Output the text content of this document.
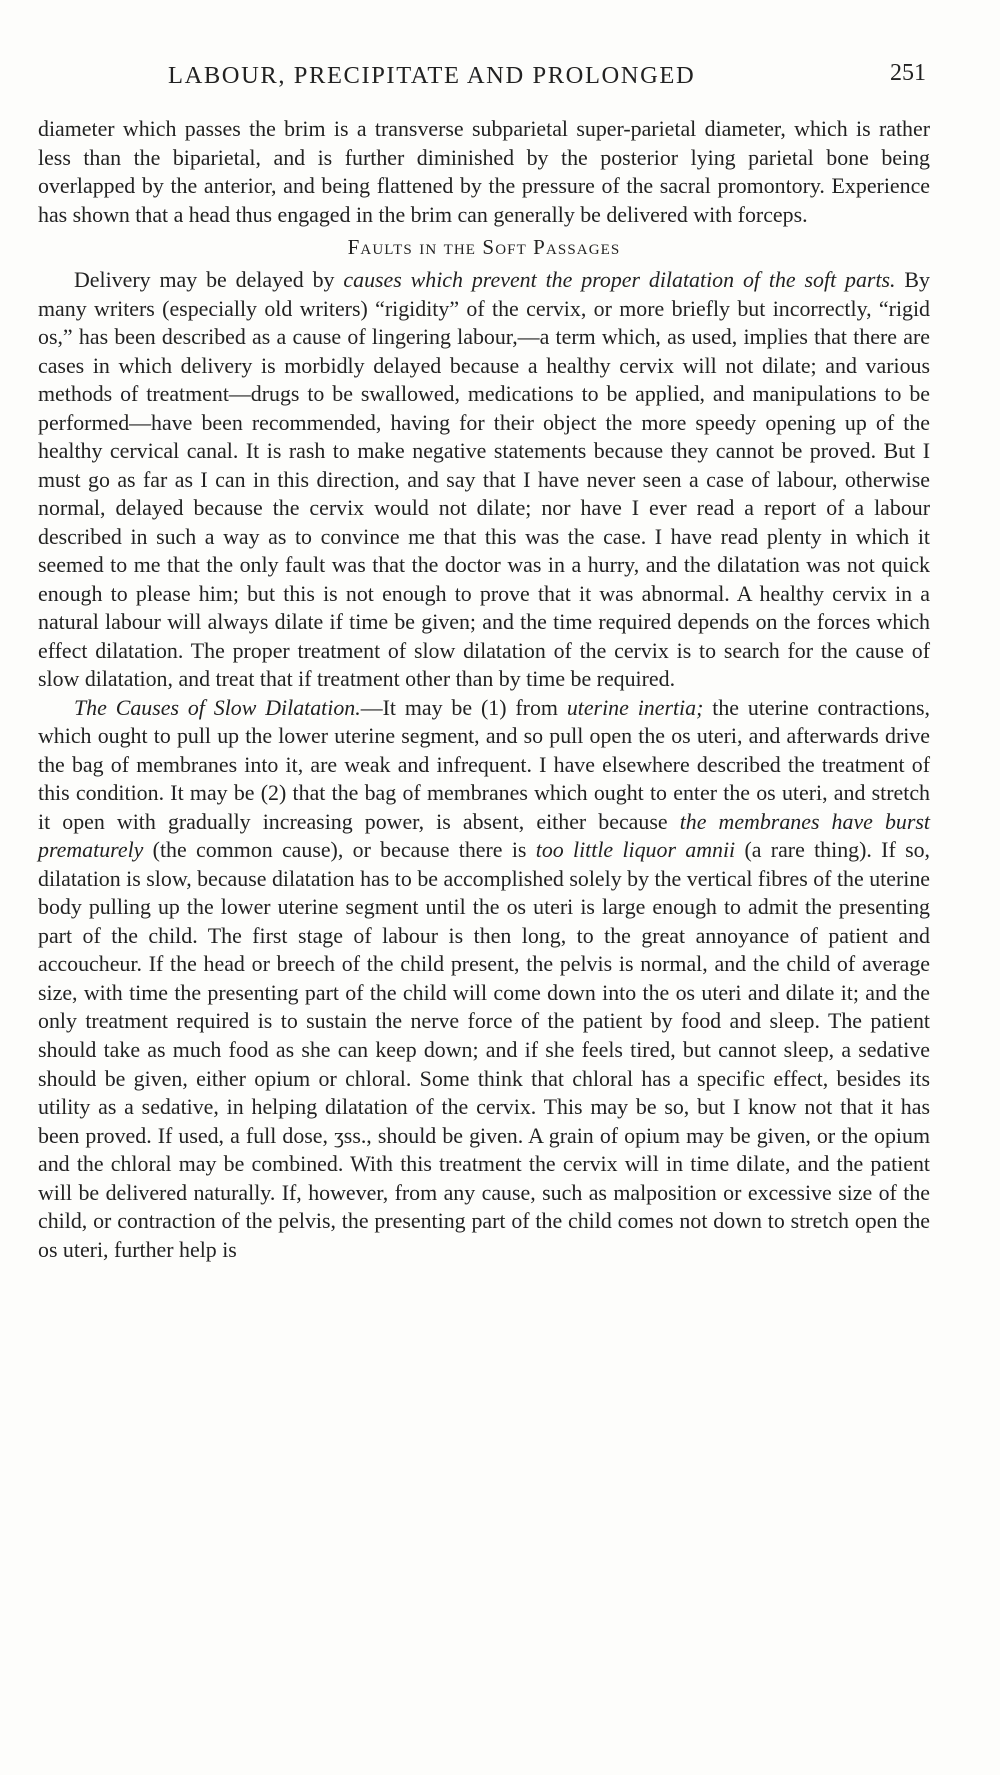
LABOUR, PRECIPITATE AND PROLONGED	251

diameter which passes the brim is a transverse subparietal super-parietal diameter, which is rather less than the biparietal, and is further diminished by the posterior lying parietal bone being overlapped by the anterior, and being flattened by the pressure of the sacral promontory. Experience has shown that a head thus engaged in the brim can generally be delivered with forceps.

Faults in the Soft Passages

Delivery may be delayed by causes which prevent the proper dilatation of the soft parts. By many writers (especially old writers) “rigidity” of the cervix, or more briefly but incorrectly, “rigid os,” has been described as a cause of lingering labour,—a term which, as used, implies that there are cases in which delivery is morbidly delayed because a healthy cervix will not dilate; and various methods of treatment—drugs to be swallowed, medications to be applied, and manipulations to be performed—have been recommended, having for their object the more speedy opening up of the healthy cervical canal. It is rash to make negative statements because they cannot be proved. But I must go as far as I can in this direction, and say that I have never seen a case of labour, otherwise normal, delayed because the cervix would not dilate; nor have I ever read a report of a labour described in such a way as to convince me that this was the case. I have read plenty in which it seemed to me that the only fault was that the doctor was in a hurry, and the dilatation was not quick enough to please him; but this is not enough to prove that it was abnormal. A healthy cervix in a natural labour will always dilate if time be given; and the time required depends on the forces which effect dilatation. The proper treatment of slow dilatation of the cervix is to search for the cause of slow dilatation, and treat that if treatment other than by time be required.

The Causes of Slow Dilatation.—It may be (1) from uterine inertia; the uterine contractions, which ought to pull up the lower uterine segment, and so pull open the os uteri, and afterwards drive the bag of membranes into it, are weak and infrequent. I have elsewhere described the treatment of this condition. It may be (2) that the bag of membranes which ought to enter the os uteri, and stretch it open with gradually increasing power, is absent, either because the membranes have burst prematurely (the common cause), or because there is too little liquor amnii (a rare thing). If so, dilatation is slow, because dilatation has to be accomplished solely by the vertical fibres of the uterine body pulling up the lower uterine segment until the os uteri is large enough to admit the presenting part of the child. The first stage of labour is then long, to the great annoyance of patient and accoucheur. If the head or breech of the child present, the pelvis is normal, and the child of average size, with time the presenting part of the child will come down into the os uteri and dilate it; and the only treatment required is to sustain the nerve force of the patient by food and sleep. The patient should take as much food as she can keep down; and if she feels tired, but cannot sleep, a sedative should be given, either opium or chloral. Some think that chloral has a specific effect, besides its utility as a sedative, in helping dilatation of the cervix. This may be so, but I know not that it has been proved. If used, a full dose, ʒss., should be given. A grain of opium may be given, or the opium and the chloral may be combined. With this treatment the cervix will in time dilate, and the patient will be delivered naturally. If, however, from any cause, such as malposition or excessive size of the child, or contraction of the pelvis, the presenting part of the child comes not down to stretch open the os uteri, further help is
